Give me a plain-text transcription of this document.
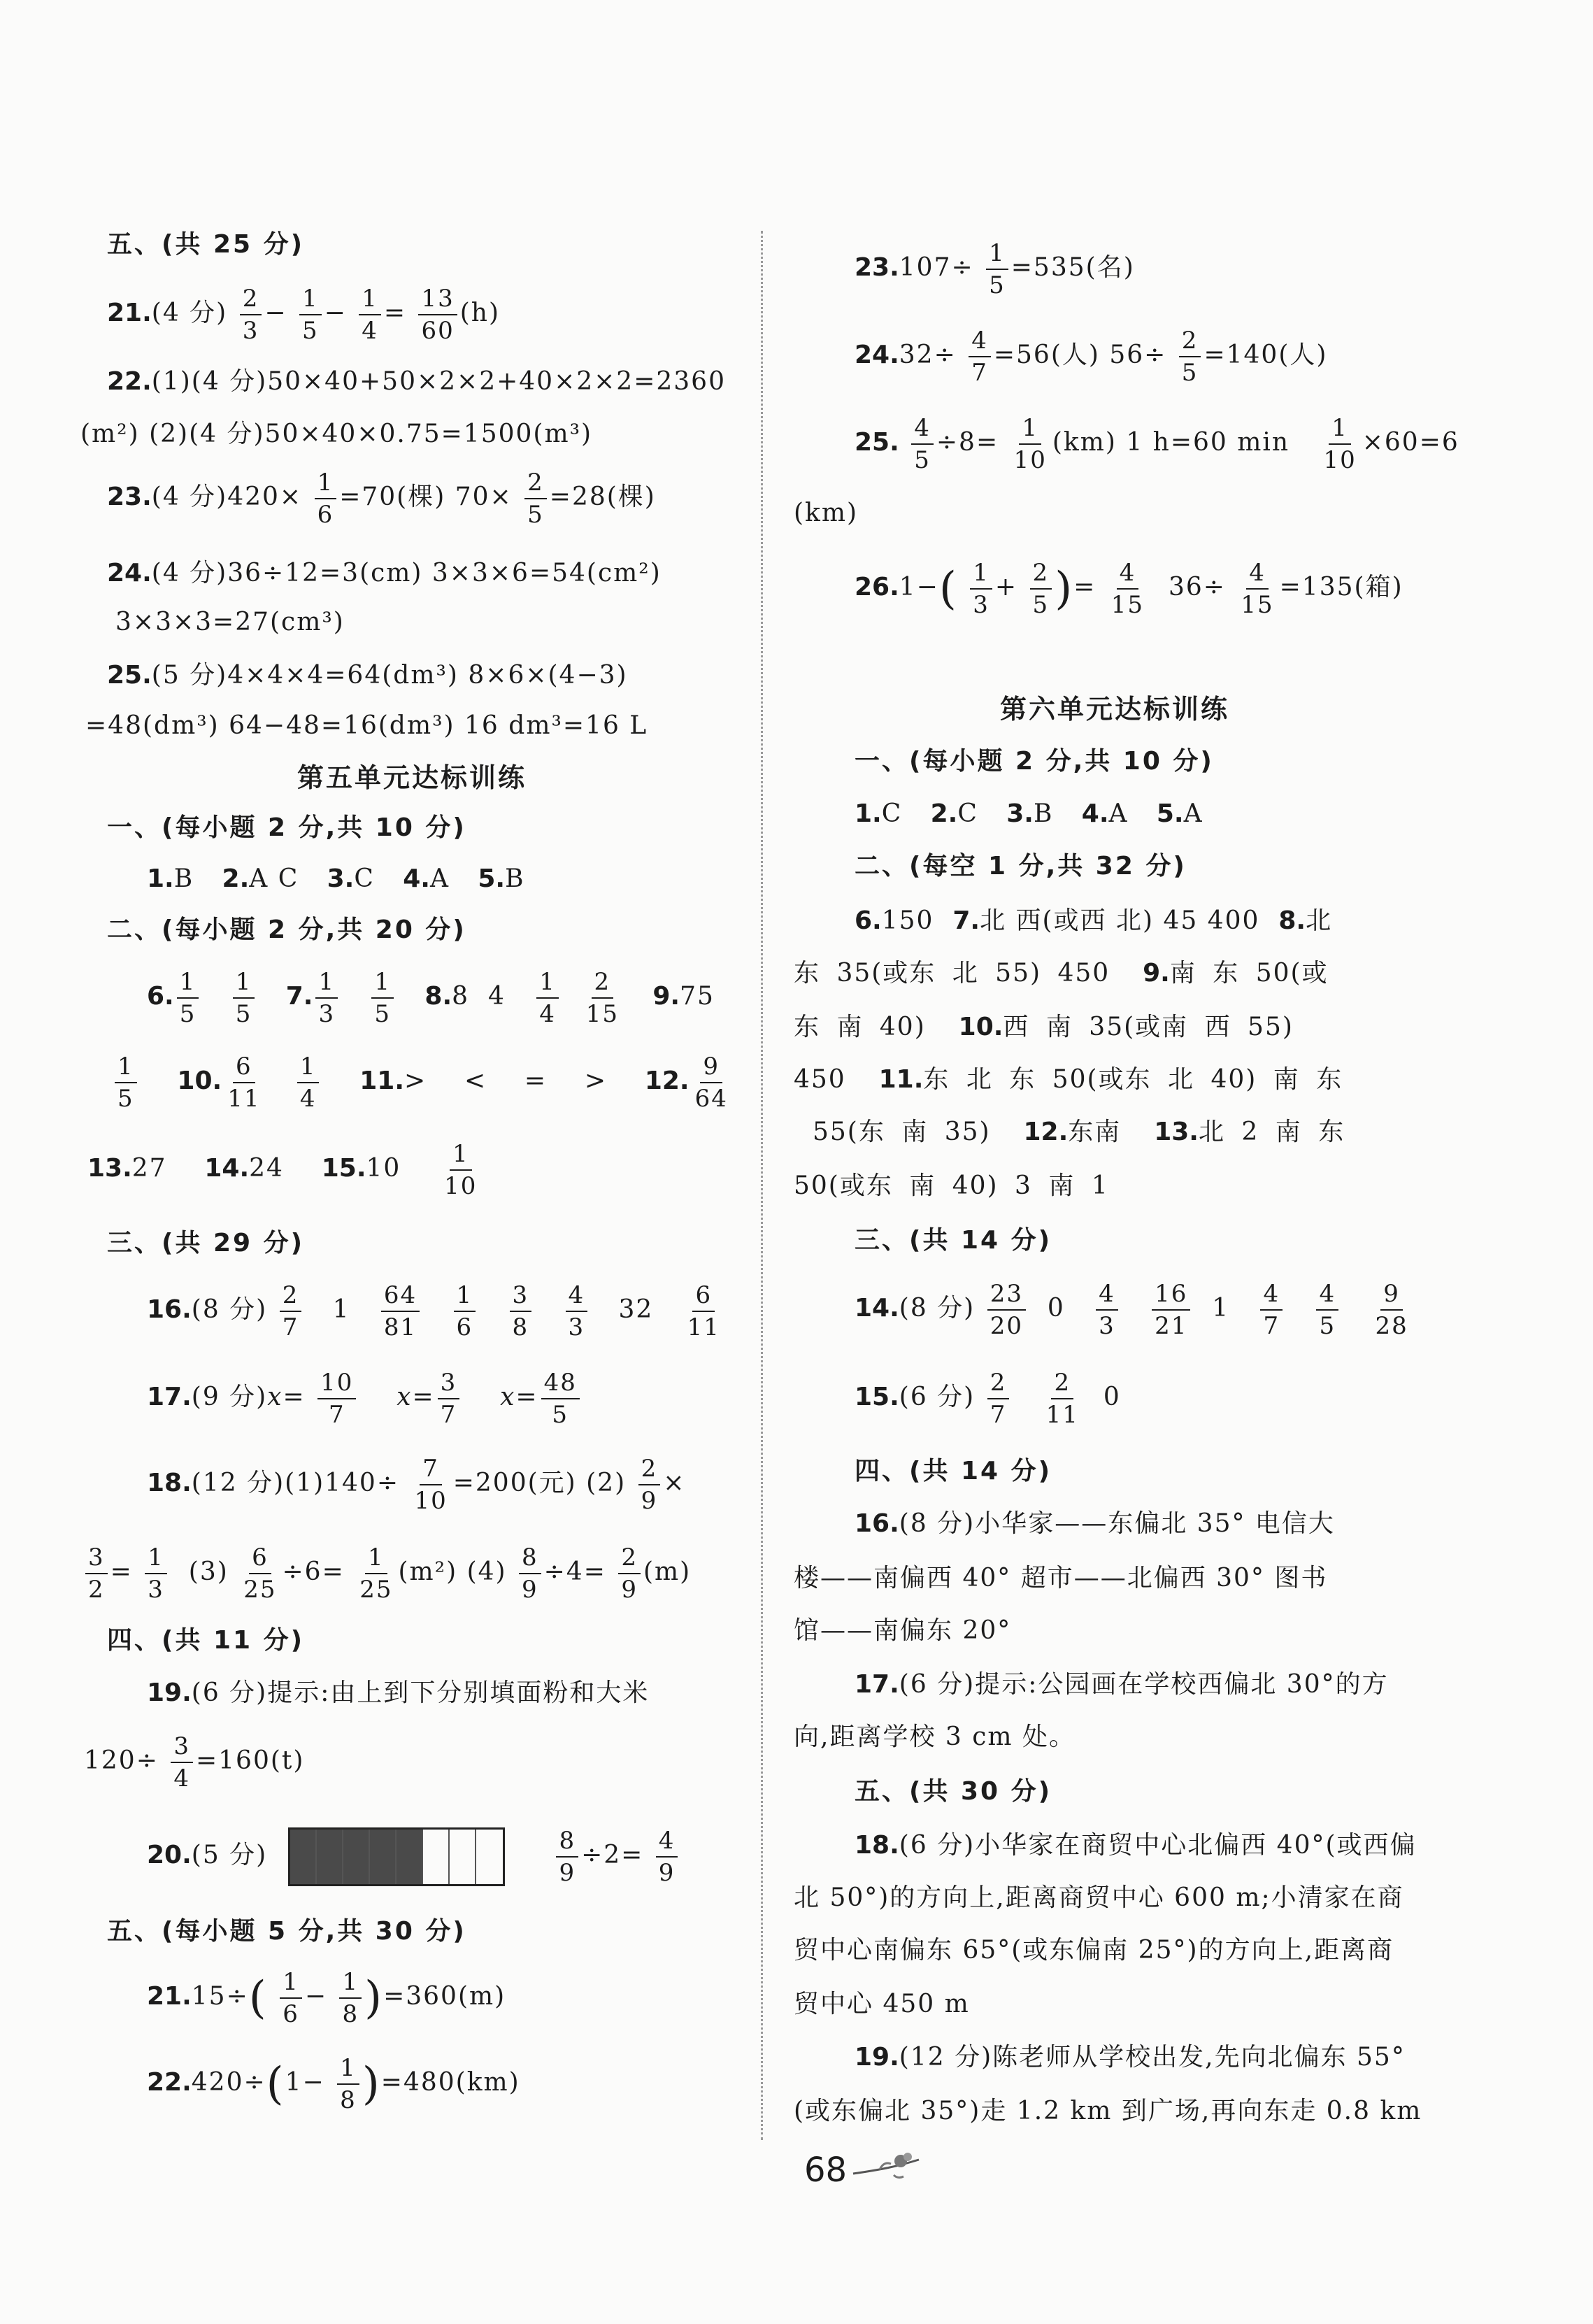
五、(共 25 分)
21.(4 分) $\frac{2}{3} - \frac{1}{5} - \frac{1}{4} = \frac{13}{60} (h)$
22.(1)(4 分)50×40+50×2×2+40×2×2=2360
(m²) (2)(4 分)50×40×0.75=1500(m³)
23.(4 分)$420\times \frac{1}{6} =70$(棵) $70\times \frac{2}{5} =28$(棵)
24.(4 分)36÷12=3(cm) 3×3×6=54(cm²)
3×3×3=27(cm³)
25.(5 分)4×4×4=64(dm³) 8×6×(4−3)
=48(dm³) 64−48=16(dm³) 16 dm³=16 L
第五单元达标训练
一、(每小题 2 分,共 10 分)
1.B 2.A C 3.C 4.A 5.B
二、(每小题 2 分,共 20 分)
6. $\frac{1}{5}$
$\frac{1}{5} 7$. $\frac{1}{3}$
$\frac{1}{5} 8.8$ $4 \frac{1}{4}$
$\frac{2}{15} 9.75$
$\frac{1}{5} 10$. $\frac{6}{11}$
$\frac{1}{4} 11.>$ < = > 12. $\frac{9}{64}$
13.27 14.24 $15.10 \frac{1}{10}$
三、(共 29 分)
16.(8 分) $\frac{2}{7} 1 \frac{64}{81}$
$\frac{1}{6}$
$\frac{3}{8}$
$\frac{4}{3} 32 \frac{6}{11}$
17.(9 分)$x= \frac{10}{7} x= \frac{3}{7} x= \frac{48}{5}$
18.(12 分)$(1)140\div \frac{7}{10} =200$(元) $(2) \frac{2}{9}$ ×
$\frac{3}{2} = \frac{1}{3} (3) \frac{6}{25} \div 6= \frac{1}{25} (m^2)$ $(4) \frac{8}{9} \div 4= \frac{2}{9} (m)$
四、(共 11 分)
19.(6 分)提示:由上到下分别填面粉和大米
$120\div \frac{3}{4} =160(t)$
20.(5 分)
	$\frac{8}{9} \div 2= \frac{4}{9}$
五、(每小题 5 分,共 30 分)
$21.15\div( \frac{1}{6} - \frac{1}{8} )=360(m)$
$22.420\div(1- \frac{1}{8} )=480(km)$
$23.107\div \frac{1}{5} =535$(名)
$24.32\div \frac{4}{7} =56$(人) $56\div \frac{2}{5} =140$(人)
25. $\frac{4}{5} \div 8= \frac{1}{10} (km)$ 1 h=60 $\min \frac{1}{10} \times 60=6$
(km)
$26.1-( \frac{1}{3} + \frac{2}{5}$ )= $\frac{4}{15} 36\div \frac{4}{15} =135$(箱)
第六单元达标训练
一、(每小题 2 分,共 10 分)
1.C 2.C 3.B 4.A 5.A
二、(每空 1 分,共 32 分)
6.150 7.北 西(或西 北) 45 400 8.北
东 35(或东 北 55) 450 9.南 东 50(或
东 南 40) 10.西 南 35(或南 西 55)
450 11.东 北 东 50(或东 北 40) 南 东
55(东 南 35) 12.东南 13.北 2 南 东
50(或东 南 40) 3 南 1
三、(共 14 分)
14.(8 分) $\frac{23}{20} 0 \frac{4}{3}$
$\frac{16}{21} 1 \frac{4}{7}$
$\frac{4}{5}$
$\frac{9}{28}$
15.(6 分) $\frac{2}{7}$
$\frac{2}{11} 0$
四、(共 14 分)
16.(8 分)小华家——东偏北 35° 电信大
楼——南偏西 40° 超市——北偏西 30° 图书
馆——南偏东 20°
17.(6 分)提示:公园画在学校西偏北 30°的方
向,距离学校 3 cm 处。
五、(共 30 分)
18.(6 分)小华家在商贸中心北偏西 40°(或西偏
北 50°)的方向上,距离商贸中心 600 m;小清家在商
贸中心南偏东 65°(或东偏南 25°)的方向上,距离商
贸中心 450 m
19.(12 分)陈老师从学校出发,先向北偏东 55°
(或东偏北 35°)走 1.2 km 到广场,再向东走 0.8 km
68
